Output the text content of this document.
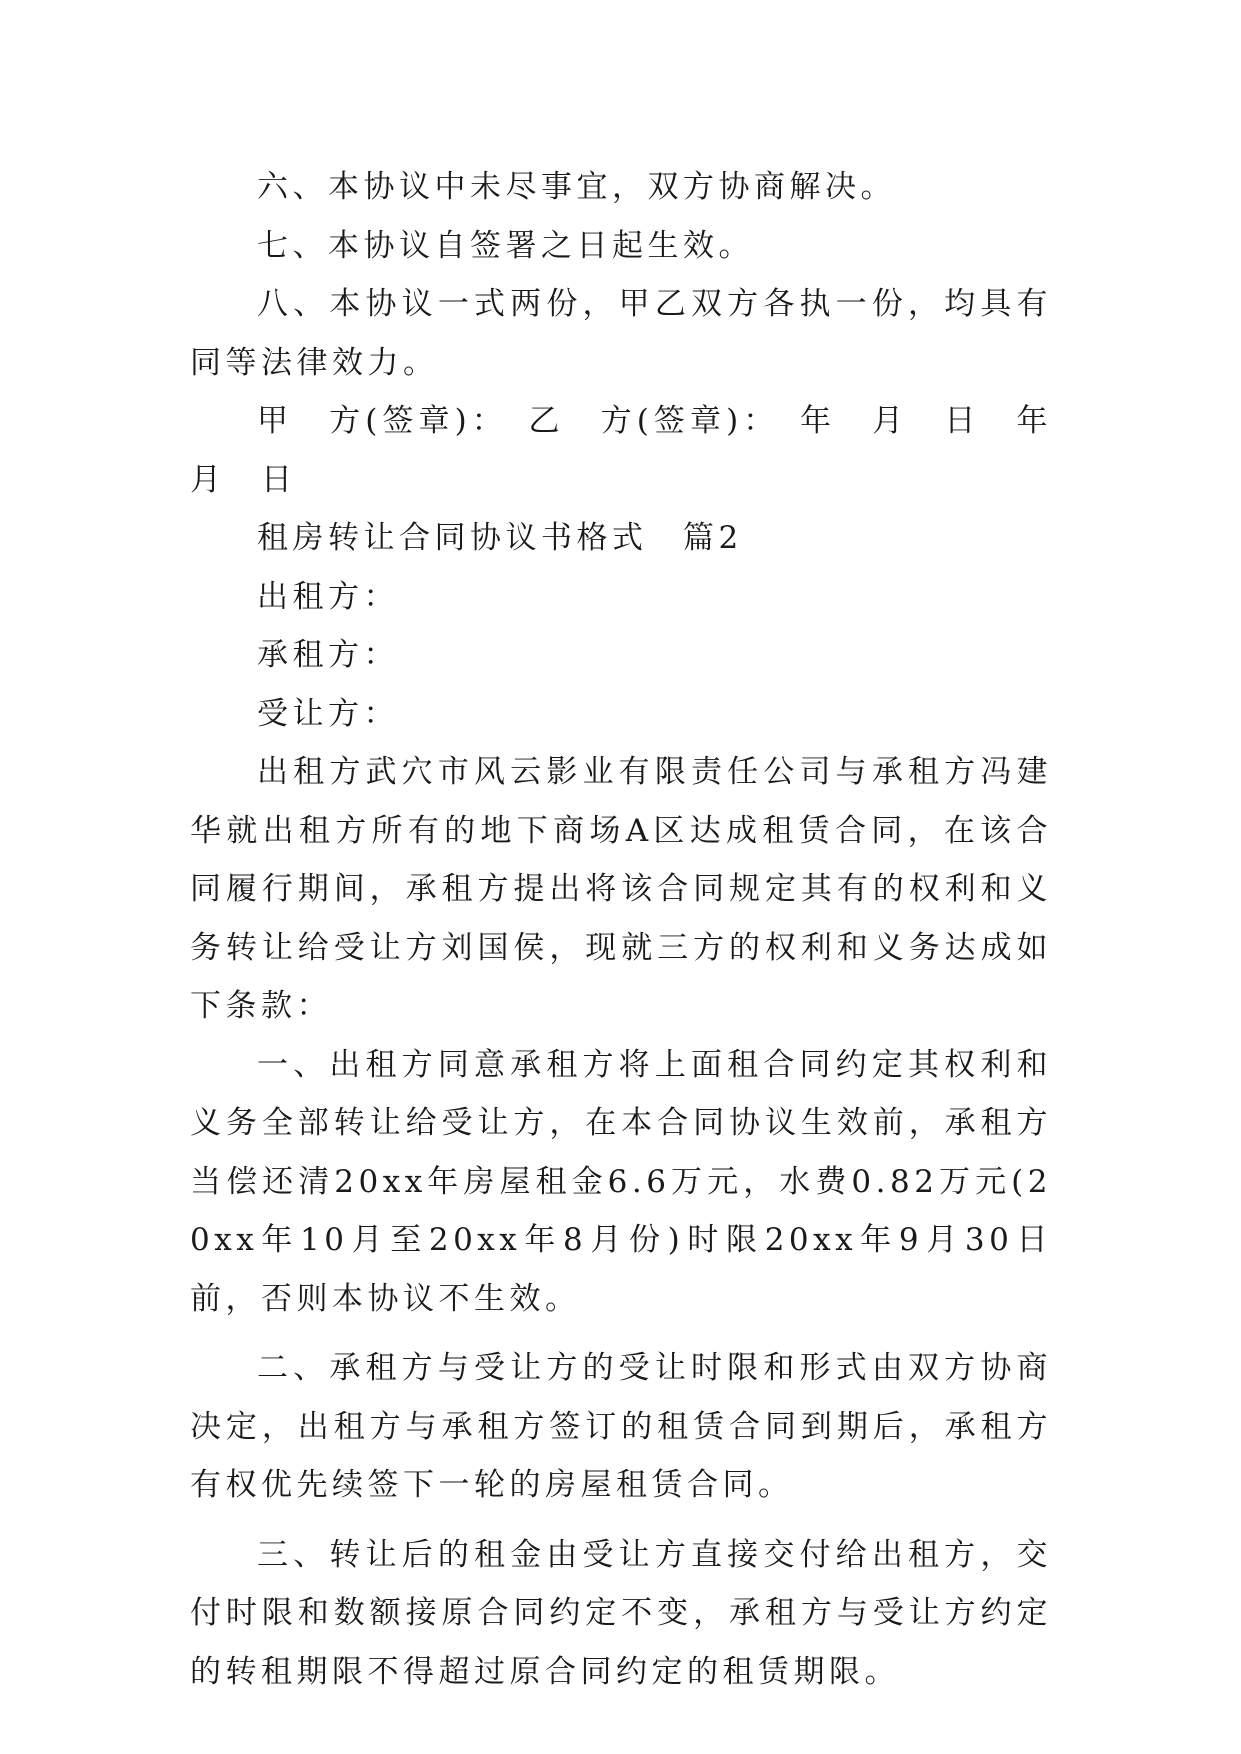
六、本协议中未尽事宜，双方协商解决。

七、本协议自签署之日起生效。

八、本协议一式两份，甲乙双方各执一份，均具有同等法律效力。

甲　方(签章)：　乙　方(签章)：　年　月　日　年　月　日

租房转让合同协议书格式　篇2

出租方：

承租方：

受让方：

出租方武穴市风云影业有限责任公司与承租方冯建华就出租方所有的地下商场A区达成租赁合同，在该合同履行期间，承租方提出将该合同规定其有的权利和义务转让给受让方刘国侯，现就三方的权利和义务达成如下条款：

一、出租方同意承租方将上面租合同约定其权利和义务全部转让给受让方，在本合同协议生效前，承租方当偿还清20xx年房屋租金6.6万元，水费0.82万元(20xx年10月至20xx年8月份)时限20xx年9月30日前，否则本协议不生效。

二、承租方与受让方的受让时限和形式由双方协商决定，出租方与承租方签订的租赁合同到期后，承租方有权优先续签下一轮的房屋租赁合同。

三、转让后的租金由受让方直接交付给出租方，交付时限和数额接原合同约定不变，承租方与受让方约定的转租期限不得超过原合同约定的租赁期限。
